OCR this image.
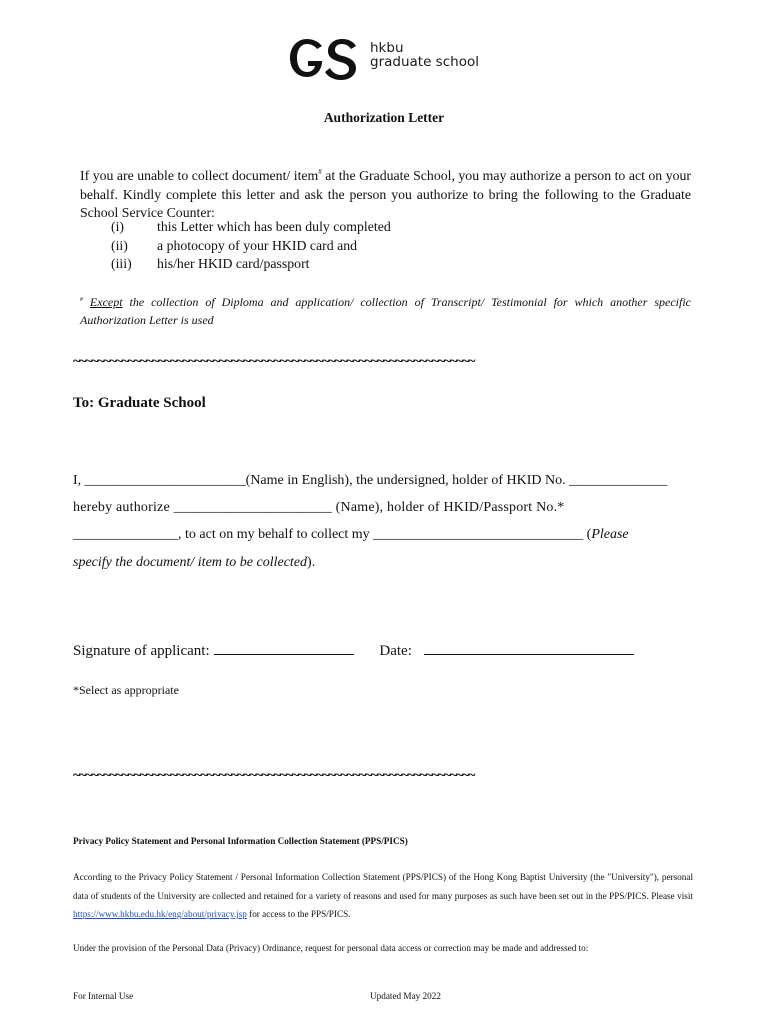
hkbu
graduate school
Authorization Letter
If you are unable to collect document/ item# at the Graduate School, you may authorize a person to act on your behalf. Kindly complete this letter and ask the person you authorize to bring the following to the Graduate School Service Counter:
(i)	this Letter which has been duly completed
(ii)	a photocopy of your HKID card and
(iii)	his/her HKID card/passport
# Except the collection of Diploma and application/ collection of Transcript/ Testimonial for which another specific Authorization Letter is used
~~~~~~~~~~~~~~~~~~~~~~~~~~~~~~~~~~~~~~~~~~~~~~~~~~~~~~~~~~~~~~~~~~
To: Graduate School
I, _______________________(Name in English), the undersigned, holder of HKID No. ______________
hereby authorize ______________________ (Name), holder of HKID/Passport No.*
_______________, to act on my behalf to collect my ______________________________ (Please
specify the document/ item to be collected).
Signature of applicant:	Date:
*Select as appropriate
~~~~~~~~~~~~~~~~~~~~~~~~~~~~~~~~~~~~~~~~~~~~~~~~~~~~~~~~~~~~~~~~~~
Privacy Policy Statement and Personal Information Collection Statement (PPS/PICS)
According to the Privacy Policy Statement / Personal Information Collection Statement (PPS/PICS) of the Hong Kong Baptist University (the "University"), personal data of students of the University are collected and retained for a variety of reasons and used for many purposes as such have been set out in the PPS/PICS. Please visit https://www.hkbu.edu.hk/eng/about/privacy.jsp for access to the PPS/PICS.
Under the provision of the Personal Data (Privacy) Ordinance, request for personal data access or correction may be made and addressed to:
For Internal Use	Updated May 2022
